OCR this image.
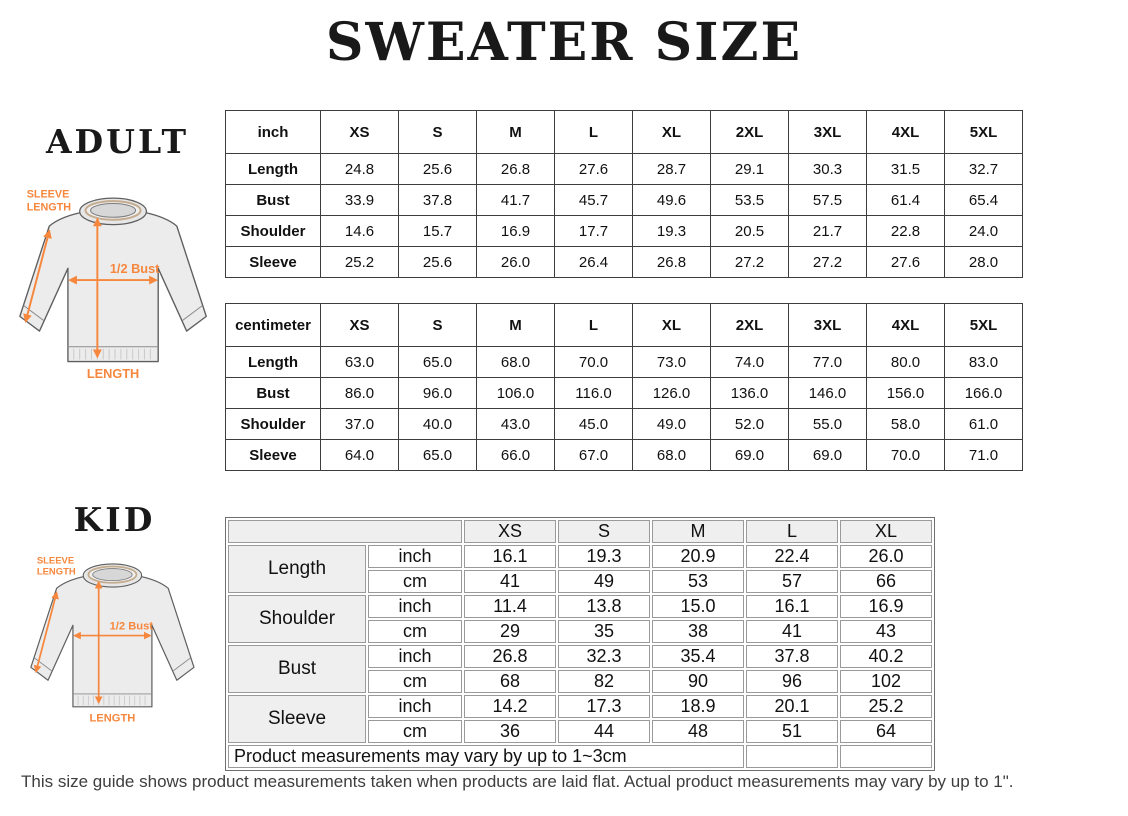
SWEATER SIZE
ADULT
SLEEVE
LENGTH
1/2 Bust
LENGTH
inch	XS	S	M	L	XL	2XL	3XL	4XL	5XL
Length	24.8	25.6	26.8	27.6	28.7	29.1	30.3	31.5	32.7
Bust	33.9	37.8	41.7	45.7	49.6	53.5	57.5	61.4	65.4
Shoulder	14.6	15.7	16.9	17.7	19.3	20.5	21.7	22.8	24.0
Sleeve	25.2	25.6	26.0	26.4	26.8	27.2	27.2	27.6	28.0
centimeter	XS	S	M	L	XL	2XL	3XL	4XL	5XL
Length	63.0	65.0	68.0	70.0	73.0	74.0	77.0	80.0	83.0
Bust	86.0	96.0	106.0	116.0	126.0	136.0	146.0	156.0	166.0
Shoulder	37.0	40.0	43.0	45.0	49.0	52.0	55.0	58.0	61.0
Sleeve	64.0	65.0	66.0	67.0	68.0	69.0	69.0	70.0	71.0
KID
SLEEVE
LENGTH
1/2 Bust
LENGTH
		XS	S	M	L	XL
Length	inch	16.1	19.3	20.9	22.4	26.0
	cm	41	49	53	57	66
Shoulder	inch	11.4	13.8	15.0	16.1	16.9
	cm	29	35	38	41	43
Bust	inch	26.8	32.3	35.4	37.8	40.2
	cm	68	82	90	96	102
Sleeve	inch	14.2	17.3	18.9	20.1	25.2
	cm	36	44	48	51	64
Product measurements may vary by up to 1~3cm						

This size guide shows product measurements taken when products are laid flat. Actual product measurements may vary by up to 1".
